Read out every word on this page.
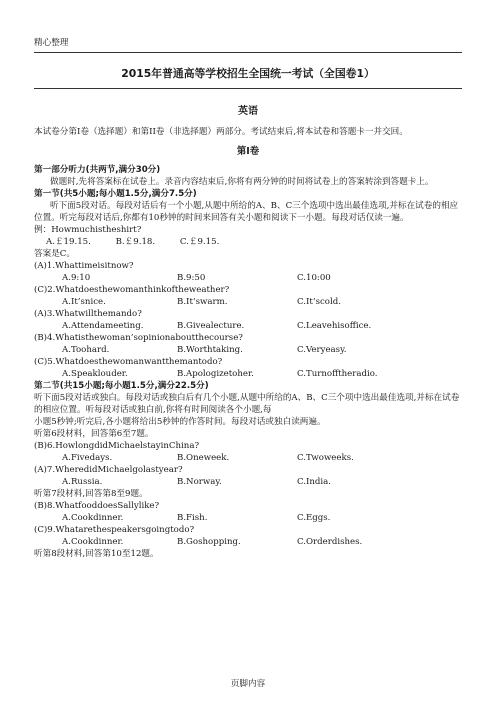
精心整理
2015年普通高等学校招生全国统一考试（全国卷1）
英语

本试卷分第I卷（选择题）和第II卷（非选择题）两部分。考试结束后,将本试卷和答题卡一并交回。

第I卷

第一部分听力(共两节,满分30分)

做题时,先将答案标在试卷上。录音内容结束后,你将有两分钟的时间将试卷上的答案转涂到答题卡上。

第一节(共5小题;每小题1.5分,满分7.5分)

听下面5段对话。每段对话后有一个小题,从题中所给的A、B、C三个选项中选出最佳选项,并标在试卷的相应位置。听完每段对话后,你都有10秒钟的时间来回答有关小题和阅读下一小题。每段对话仅读一遍。

例：Howmuchistheshirt?

A.￡19.15.	B.￡9.18.	C.￡9.15.

答案是C。

(A)1.Whattimeisitnow?

A.9:10	B.9:50	C.10:00

(C)2.Whatdoesthewomanthinkoftheweather?

A.It’snice.	B.It’swarm.	C.It’scold.

(A)3.Whatwillthemando?

A.Attendameeting.	B.Givealecture.	C.Leavehisoffice.

(B)4.Whatisthewoman’sopinionaboutthecourse?

A.Toohard.	B.Worthtaking.	C.Veryeasy.

(C)5.Whatdoesthewomanwantthemantodo?

A.Speaklouder.	B.Apologizetoher.	C.Turnofftheradio.

第二节(共15小题;每小题1.5分,满分22.5分)

听下面5段对话或独白。每段对话或独白后有几个小题,从题中所给的A、B、C三个项中选出最佳选项,并标在试卷的相应位置。听每段对话或独白前,你将有时间阅读各个小题,每

小题5秒钟;听完后,各小题将给出5秒钟的作答时间。每段对话或独白读两遍。

听第6段材料，回答第6至7题。

(B)6.HowlongdidMichaelstayinChina?

A.Fivedays.	B.Oneweek.	C.Twoweeks.

(A)7.WheredidMichaelgolastyear?

A.Russia.	B.Norway.	C.India.

听第7段材料,回答第8至9题。

(B)8.WhatfooddoesSallylike?

A.Cookdinner.	B.Fish.	C.Eggs.

(C)9.Whatarethespeakersgoingtodo?

A.Cookdinner.	B.Goshopping.	C.Orderdishes.

听第8段材料,回答第10至12题。

页脚内容
